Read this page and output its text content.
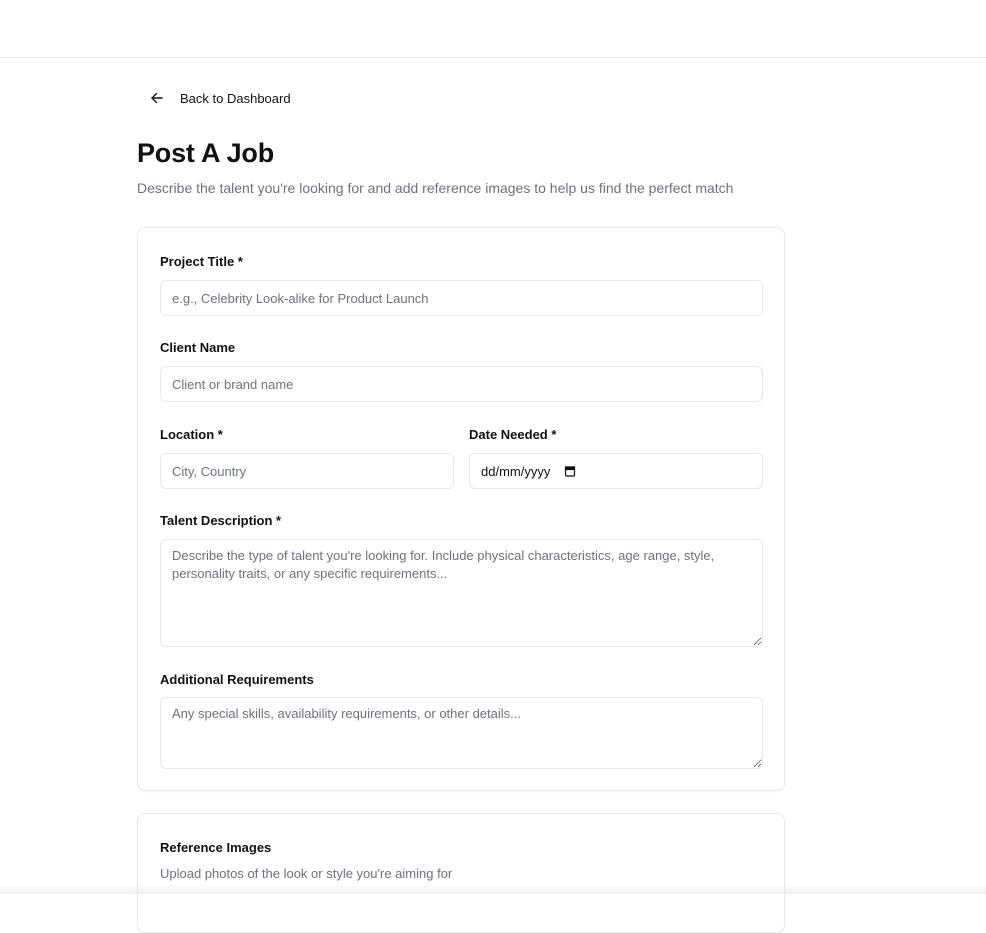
Back to Dashboard
Post A Job

Describe the talent you're looking for and add reference images to help us find the perfect match

Project Title *
e.g., Celebrity Look-alike for Product Launch
Client Name
Client or brand name
Location *
City, Country	Date Needed *
dd/mm/yyyy
Talent Description *
Describe the type of talent you're looking for. Include physical characteristics, age range, style, personality traits, or any specific requirements...
Additional Requirements
Any special skills, availability requirements, or other details...
Reference Images
Upload photos of the look or style you're aiming for
